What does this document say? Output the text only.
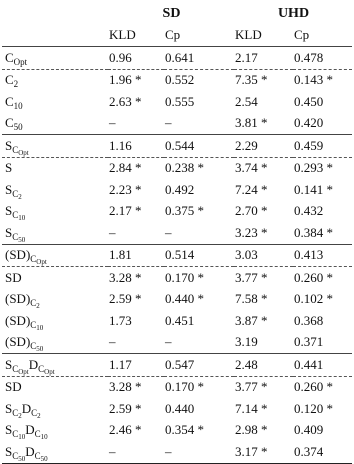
	SD		UHD	
	KLD	Cp	KLD	Cp
$C_{Opt}$	0.96	0.641	2.17	0.478
$C_2$	1.96 *	0.552	7.35 *	0.143 *
$C_{10}$	2.63 *	0.555	2.54	0.450
$C_{50}$	–	–	3.81 *	0.420
$S_{C_{Opt}}$	1.16	0.544	2.29	0.459
S	2.84 *	0.238 *	3.74 *	0.293 *
$S_{C_2}$	2.23 *	0.492	7.24 *	0.141 *
$S_{C_{10}}$	2.17 *	0.375 *	2.70 *	0.432
$S_{C_{50}}$	–	–	3.23 *	0.384 *
$(SD)_{C_{Opt}}$	1.81	0.514	3.03	0.413
SD	3.28 *	0.170 *	3.77 *	0.260 *
$(SD)_{C_2}$	2.59 *	0.440 *	7.58 *	0.102 *
$(SD)_{C_{10}}$	1.73	0.451	3.87 *	0.368
$(SD)_{C_{50}}$	–	–	3.19	0.371
$S_{C_{Opt}}D_{C_{Opt}}$	1.17	0.547	2.48	0.441
SD	3.28 *	0.170 *	3.77 *	0.260 *
$S_{C_2}D_{C_2}$	2.59 *	0.440	7.14 *	0.120 *
$S_{C_{10}}D_{C_{10}}$	2.46 *	0.354 *	2.98 *	0.409
$S_{C_{50}}D_{C_{50}}$	–	–	3.17 *	0.374
